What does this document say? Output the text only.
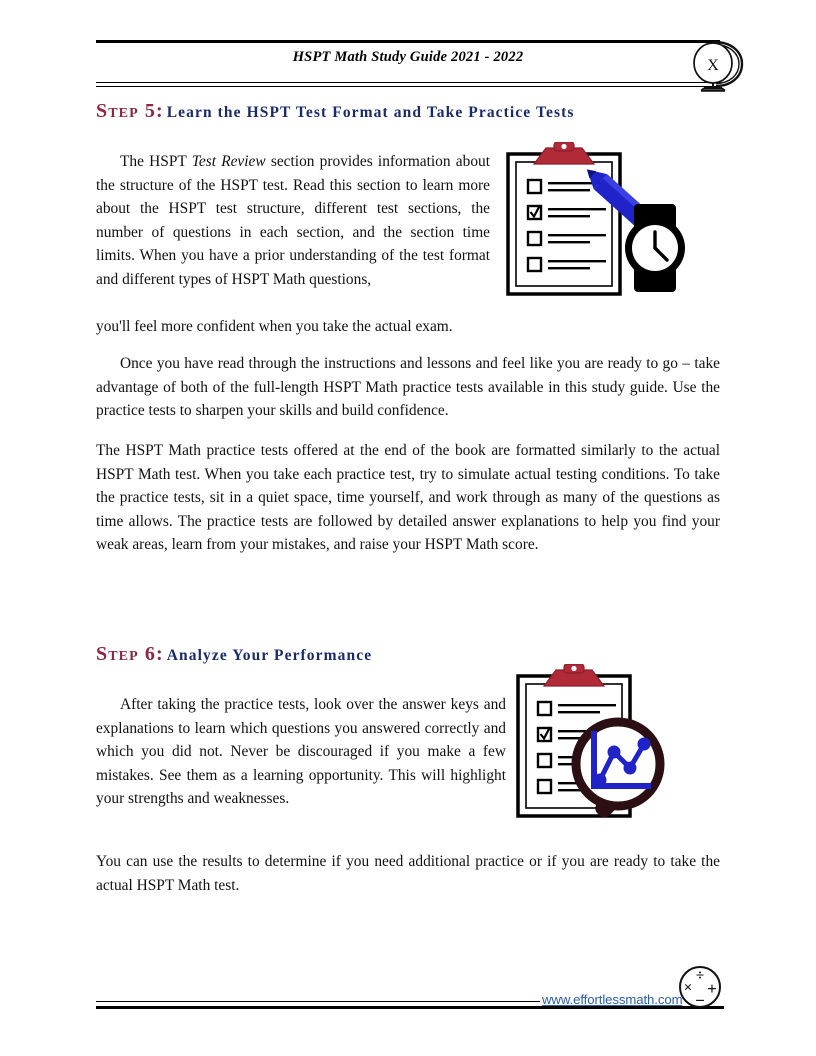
HSPT Math Study Guide 2021 - 2022	X
Step 5: Learn the HSPT Test Format and Take Practice Tests
The HSPT Test Review section provides information about the structure of the HSPT test. Read this section to learn more about the HSPT test structure, different test sections, the number of questions in each section, and the section time limits. When you have a prior understanding of the test format and different types of HSPT Math questions,
you'll feel more confident when you take the actual exam.
Once you have read through the instructions and lessons and feel like you are ready to go – take advantage of both of the full-length HSPT Math practice tests available in this study guide. Use the practice tests to sharpen your skills and build confidence.
The HSPT Math practice tests offered at the end of the book are formatted similarly to the actual HSPT Math test. When you take each practice test, try to simulate actual testing conditions. To take the practice tests, sit in a quiet space, time yourself, and work through as many of the questions as time allows. The practice tests are followed by detailed answer explanations to help you find your weak areas, learn from your mistakes, and raise your HSPT Math score.
Step 6: Analyze Your Performance
After taking the practice tests, look over the answer keys and explanations to learn which questions you answered correctly and which you did not. Never be discouraged if you make a few mistakes. See them as a learning opportunity. This will highlight your strengths and weaknesses.
You can use the results to determine if you need additional practice or if you are ready to take the actual HSPT Math test.
www.effortlessmath.com
÷
× +
−
